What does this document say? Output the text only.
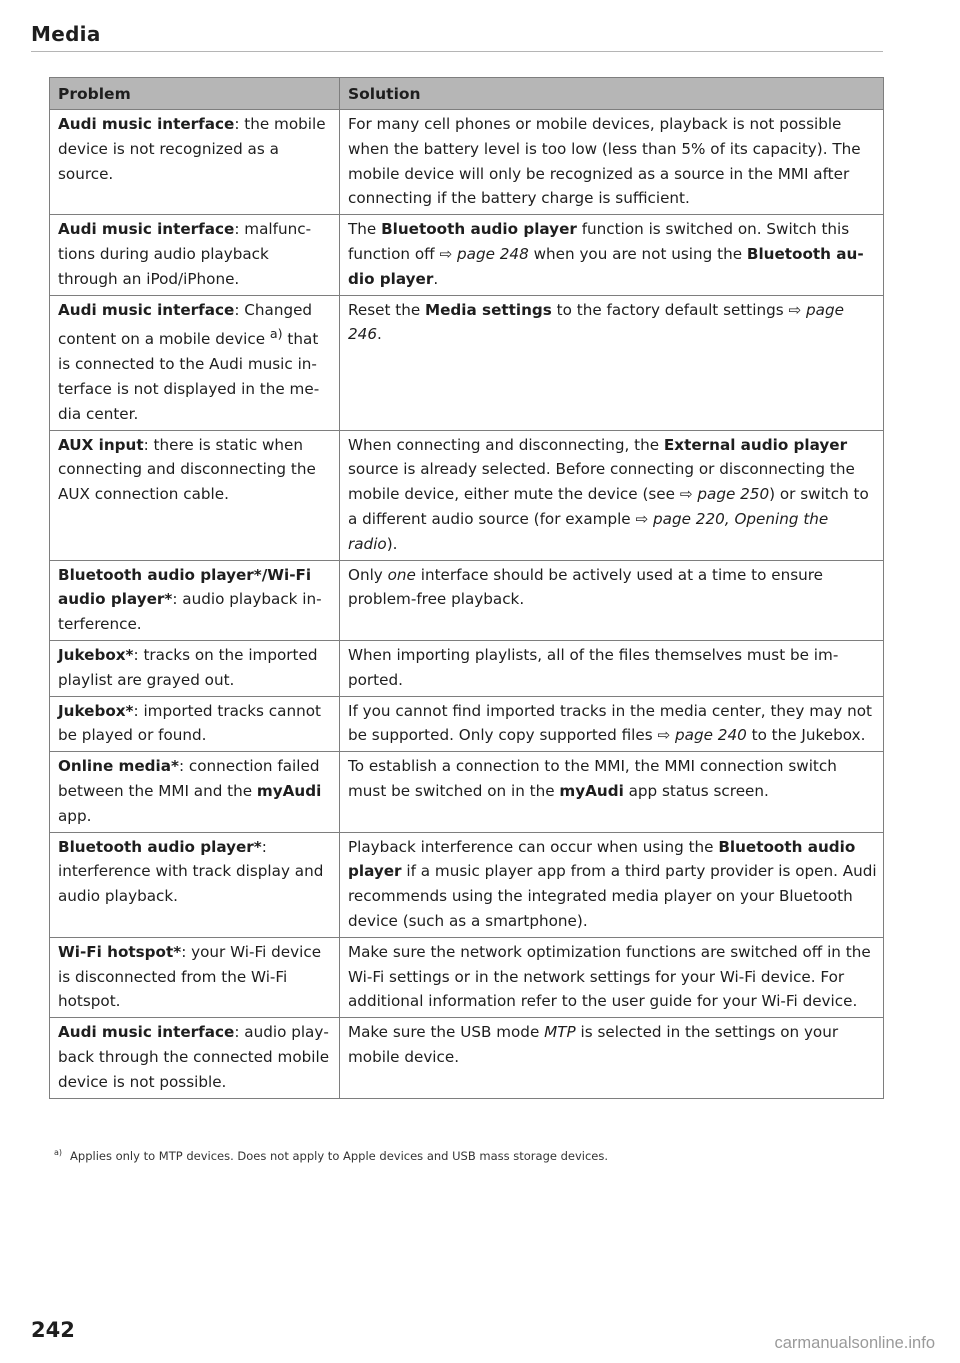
Media
Problem	Solution
Audi music interface: the mobile device is not recognized as a source.	For many cell phones or mobile devices, playback is not possible when the battery level is too low (less than 5% of its capacity). The mobile device will only be recognized as a source in the MMI after connecting if the battery charge is sufficient.
Audi music interface: malfunctions during audio playback through an iPod/iPhone.	The Bluetooth audio player function is switched on. Switch this function off ⇨ page 248 when you are not using the Bluetooth audio player.
Audi music interface: Changed content on a mobile device $^{a)}$ that is connected to the Audi music interface is not displayed in the media center.	Reset the Media settings to the factory default settings ⇨ page 246.
AUX input: there is static when connecting and disconnecting the AUX connection cable.	When connecting and disconnecting, the External audio player source is already selected. Before connecting or disconnecting the mobile device, either mute the device (see ⇨ page 250) or switch to a different audio source (for example ⇨ page 220, Opening the radio).
Bluetooth audio player*/Wi-Fi audio player*: audio playback interference.	Only one interface should be actively used at a time to ensure problem-free playback.
Jukebox*: tracks on the imported playlist are grayed out.	When importing playlists, all of the files themselves must be imported.
Jukebox*: imported tracks cannot be played or found.	If you cannot find imported tracks in the media center, they may not be supported. Only copy supported files ⇨ page 240 to the Jukebox.
Online media*: connection failed between the MMI and the myAudi app.	To establish a connection to the MMI, the MMI connection switch must be switched on in the myAudi app status screen.
Bluetooth audio player*: interference with track display and audio playback.	Playback interference can occur when using the Bluetooth audio player if a music player app from a third party provider is open. Audi recommends using the integrated media player on your Bluetooth device (such as a smartphone).
Wi-Fi hotspot*: your Wi-Fi device is disconnected from the Wi-Fi hotspot.	Make sure the network optimization functions are switched off in the Wi-Fi settings or in the network settings for your Wi-Fi device. For additional information refer to the user guide for your Wi-Fi device.
Audi music interface: audio playback through the connected mobile device is not possible.	Make sure the USB mode MTP is selected in the settings on your mobile device.

$^{a)}$ Applies only to MTP devices. Does not apply to Apple devices and USB mass storage devices.

242

carmanualsonline.info
